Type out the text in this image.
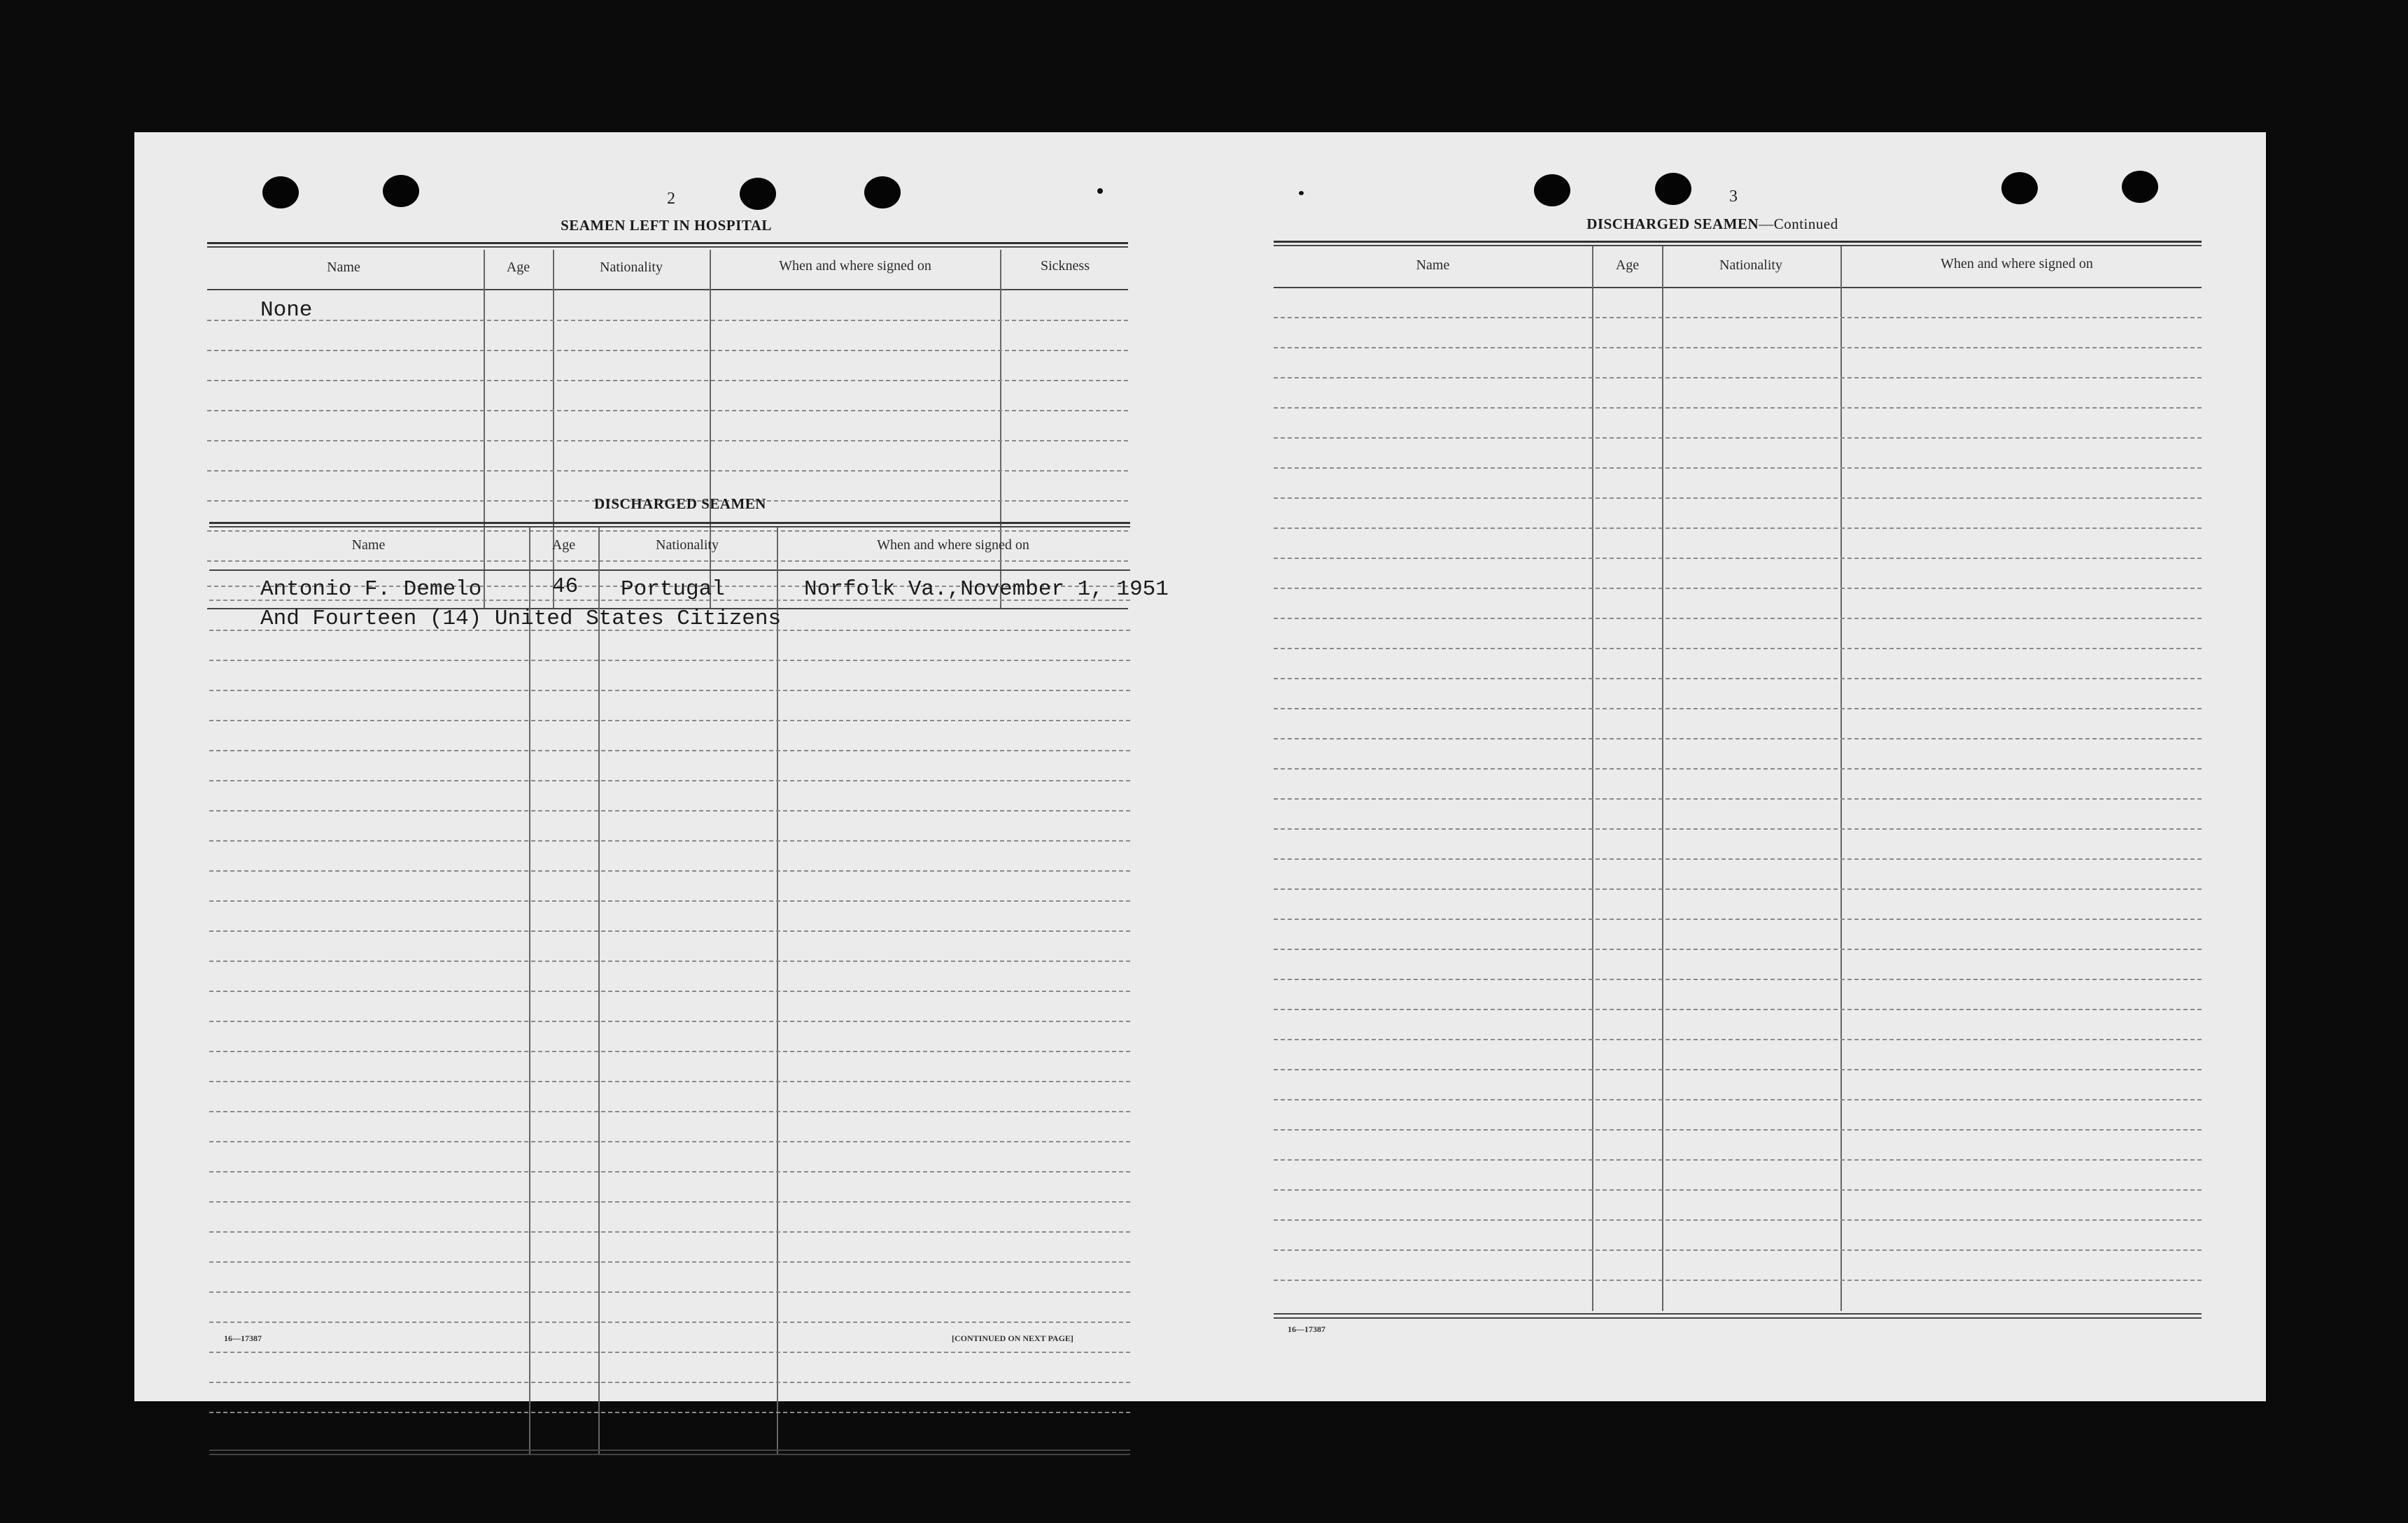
2
SEAMEN LEFT IN HOSPITAL
Name	Age	Nationality	When and where signed on	Sickness
None
DISCHARGED SEAMEN
Name	Age	Nationality	When and where signed on
Antonio F. Demelo	46 Portugal	Norfolk Va.,November 1, 1951
And Fourteen (14) United States Citizens
16—17387	[CONTINUED ON NEXT PAGE]
3
DISCHARGED SEAMEN—Continued
Name	Age	Nationality	When and where signed on
16—17387
